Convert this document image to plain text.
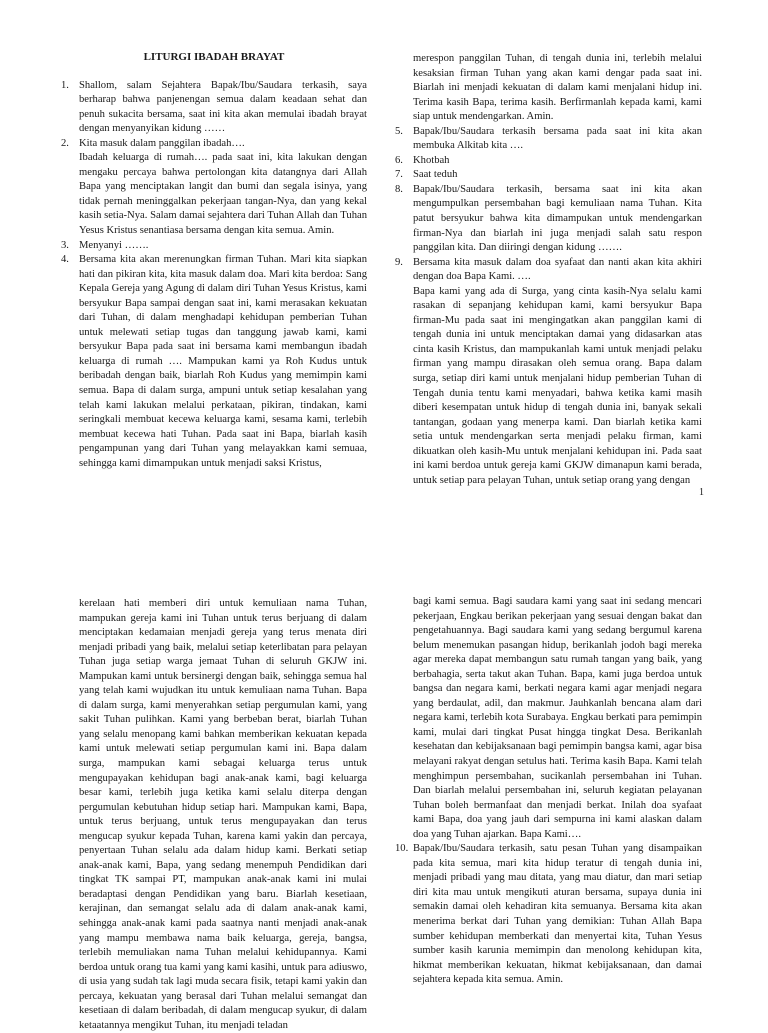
LITURGI IBADAH BRAYAT
1. Shallom, salam Sejahtera Bapak/Ibu/Saudara terkasih, saya berharap bahwa panjenengan semua dalam keadaan sehat dan penuh sukacita bersama, saat ini kita akan memulai ibadah brayat dengan menyanyikan kidung ……

2. Kita masuk dalam panggilan ibadah….

Ibadah keluarga di rumah…. pada saat ini, kita lakukan dengan mengaku percaya bahwa pertolongan kita datangnya dari Allah Bapa yang menciptakan langit dan bumi dan segala isinya, yang tidak pernah meninggalkan pekerjaan tangan-Nya, dan yang kekal kasih setia-Nya. Salam damai sejahtera dari Tuhan Allah dan Tuhan Yesus Kristus senantiasa bersama dengan kita semua. Amin.

3. Menyanyi …….

4. Bersama kita akan merenungkan firman Tuhan. Mari kita siapkan hati dan pikiran kita, kita masuk dalam doa. Mari kita berdoa: Sang Kepala Gereja yang Agung di dalam diri Tuhan Yesus Kristus, kami bersyukur Bapa sampai dengan saat ini, kami merasakan kekuatan dari Tuhan, di dalam menghadapi kehidupan pemberian Tuhan untuk melewati setiap tugas dan tanggung jawab kami, kami bersyukur Bapa pada saat ini bersama kami membangun ibadah keluarga di rumah …. Mampukan kami ya Roh Kudus untuk beribadah dengan baik, biarlah Roh Kudus yang memimpin kami semua. Bapa di dalam surga, ampuni untuk setiap kesalahan yang telah kami lakukan melalui perkataan, pikiran, tindakan, kami seringkali membuat kecewa keluarga kami, sesama kami, terlebih membuat kecewa hati Tuhan. Pada saat ini Bapa, biarlah kasih pengampunan yang dari Tuhan yang melayakkan kami semuaa, sehingga kami dimampukan untuk menjadi saksi Kristus,

merespon panggilan Tuhan, di tengah dunia ini, terlebih melalui kesaksian firman Tuhan yang akan kami dengar pada saat ini. Biarlah ini menjadi kekuatan di dalam kami menjalani hidup ini. Terima kasih Bapa, terima kasih. Berfirmanlah kepada kami, kami siap untuk mendengarkan. Amin.

5. Bapak/Ibu/Saudara terkasih bersama pada saat ini kita akan membuka Alkitab kita ….

6. Khotbah

7. Saat teduh

8. Bapak/Ibu/Saudara terkasih, bersama saat ini kita akan mengumpulkan persembahan bagi kemuliaan nama Tuhan. Kita patut bersyukur bahwa kita dimampukan untuk mendengarkan firman-Nya dan biarlah ini juga menjadi salah satu respon panggilan kita. Dan diiringi dengan kidung …….

9. Bersama kita masuk dalam doa syafaat dan nanti akan kita akhiri dengan doa Bapa Kami. ….

Bapa kami yang ada di Surga, yang cinta kasih-Nya selalu kami rasakan di sepanjang kehidupan kami, kami bersyukur Bapa firman-Mu pada saat ini mengingatkan akan panggilan kami di tengah dunia ini untuk menciptakan damai yang didasarkan atas cinta kasih Kristus, dan mampukanlah kami untuk menjadi pelaku firman yang mampu dirasakan oleh semua orang. Bapa dalam surga, setiap diri kami untuk menjalani hidup pemberian Tuhan di Tengah dunia tentu kami menyadari, bahwa ketika kami masih diberi kesempatan untuk hidup di tengah dunia ini, banyak sekali tantangan, godaan yang menerpa kami. Dan biarlah ketika kami setia untuk mendengarkan serta menjadi pelaku firman, kami dikuatkan oleh kasih-Mu untuk menjalani kehidupan ini. Pada saat ini kami berdoa untuk gereja kami GKJW dimanapun kami berada, untuk setiap para pelayan Tuhan, untuk setiap orang yang dengan

1

kerelaan hati memberi diri untuk kemuliaan nama Tuhan, mampukan gereja kami ini Tuhan untuk terus berjuang di dalam menciptakan kedamaian menjadi gereja yang terus menata diri menjadi pribadi yang baik, melalui setiap keterlibatan para pelayan Tuhan juga setiap warga jemaat Tuhan di seluruh GKJW ini. Mampukan kami untuk bersinergi dengan baik, sehingga semua hal yang telah kami wujudkan itu untuk kemuliaan nama Tuhan. Bapa di dalam surga, kami menyerahkan setiap pergumulan kami, yang sakit Tuhan pulihkan. Kami yang berbeban berat, biarlah Tuhan yang selalu menopang kami bahkan memberikan kekuatan kepada kami untuk melewati setiap pergumulan kami ini. Bapa dalam surga, mampukan kami sebagai keluarga terus untuk mengupayakan kehidupan bagi anak-anak kami, bagi keluarga besar kami, terlebih juga ketika kami selalu diterpa dengan pergumulan kebutuhan hidup setiap hari. Mampukan kami, Bapa, untuk terus berjuang, untuk terus mengupayakan dan terus mengucap syukur kepada Tuhan, karena kami yakin dan percaya, penyertaan Tuhan selalu ada dalam hidup kami. Berkati setiap anak-anak kami, Bapa, yang sedang menempuh Pendidikan dari tingkat TK sampai PT, mampukan anak-anak kami ini mulai beradaptasi dengan Pendidikan yang baru. Biarlah kesetiaan, kerajinan, dan semangat selalu ada di dalam anak-anak kami, sehingga anak-anak kami pada saatnya nanti menjadi anak-anak yang mampu membawa nama baik keluarga, gereja, bangsa, terlebih memuliakan nama Tuhan melalui kehidupannya. Kami berdoa untuk orang tua kami yang kami kasihi, untuk para adiuswo, di usia yang sudah tak lagi muda secara fisik, tetapi kami yakin dan percaya, kekuatan yang berasal dari Tuhan melalui semangat dan kesetiaan di dalam beribadah, di dalam mengucap syukur, di dalam ketaatannya mengikut Tuhan, itu menjadi teladan

bagi kami semua. Bagi saudara kami yang saat ini sedang mencari pekerjaan, Engkau berikan pekerjaan yang sesuai dengan bakat dan pengetahuannya. Bagi saudara kami yang sedang bergumul karena belum menemukan pasangan hidup, berikanlah jodoh bagi mereka agar mereka dapat membangun satu rumah tangan yang baik, yang berbahagia, serta takut akan Tuhan. Bapa, kami juga berdoa untuk bangsa dan negara kami, berkati negara kami agar menjadi negara yang berdaulat, adil, dan makmur. Jauhkanlah bencana alam dari negara kami, terlebih kota Surabaya. Engkau berkati para pemimpin kami, mulai dari tingkat Pusat hingga tingkat Desa. Berikanlah kesehatan dan kebijaksanaan bagi pemimpin bangsa kami, agar bisa melayani rakyat dengan setulus hati. Terima kasih Bapa. Kami telah menghimpun persembahan, sucikanlah persembahan ini Tuhan. Dan biarlah melalui persembahan ini, seluruh kegiatan pelayanan Tuhan boleh bermanfaat dan menjadi berkat. Inilah doa syafaat kami Bapa, doa yang jauh dari sempurna ini kami alaskan dalam doa yang Tuhan ajarkan. Bapa Kami….

10. Bapak/Ibu/Saudara terkasih, satu pesan Tuhan yang disampaikan pada kita semua, mari kita hidup teratur di tengah dunia ini, menjadi pribadi yang mau ditata, yang mau diatur, dan mari setiap diri kita mau untuk mengikuti aturan bersama, supaya dunia ini semakin damai oleh kehadiran kita semuanya. Bersama kita akan menerima berkat dari Tuhan yang demikian: Tuhan Allah Bapa sumber kehidupan memberkati dan menyertai kita, Tuhan Yesus sumber kasih karunia memimpin dan menolong kehidupan kita, hikmat memberikan kekuatan, hikmat kebijaksanaan, dan damai sejahtera kepada kita semua. Amin.
